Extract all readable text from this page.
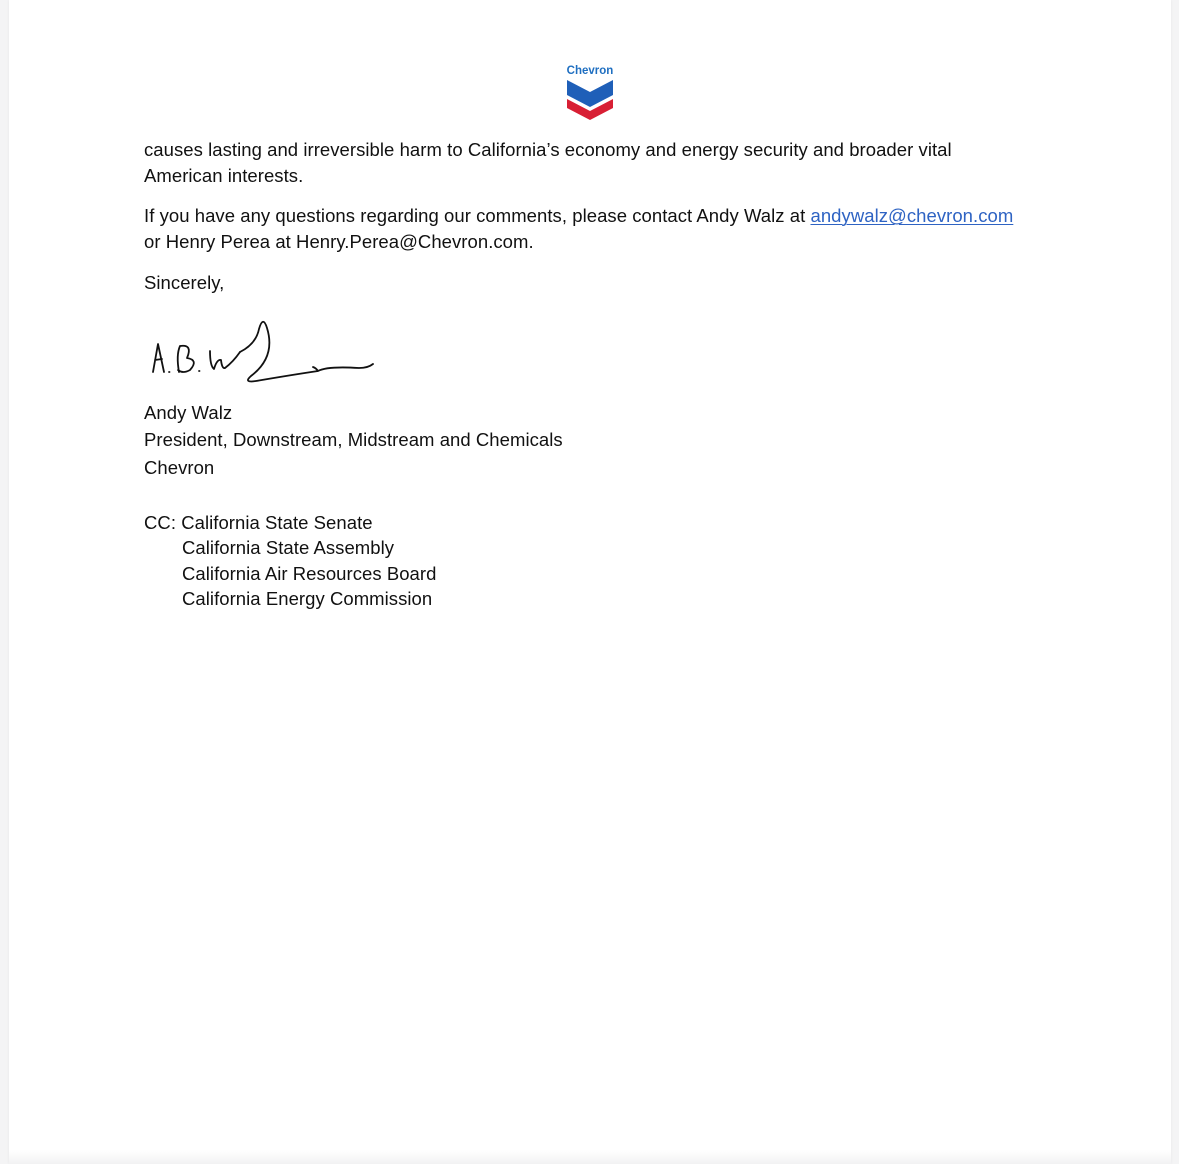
Chevron
causes lasting and irreversible harm to California’s economy and energy security and broader vital
American interests.
If you have any questions regarding our comments, please contact Andy Walz at andywalz@chevron.com
or Henry Perea at Henry.Perea@Chevron.com.
Sincerely,
Andy Walz
President, Downstream, Midstream and Chemicals
Chevron
CC: California State Senate
California State Assembly
California Air Resources Board
California Energy Commission
